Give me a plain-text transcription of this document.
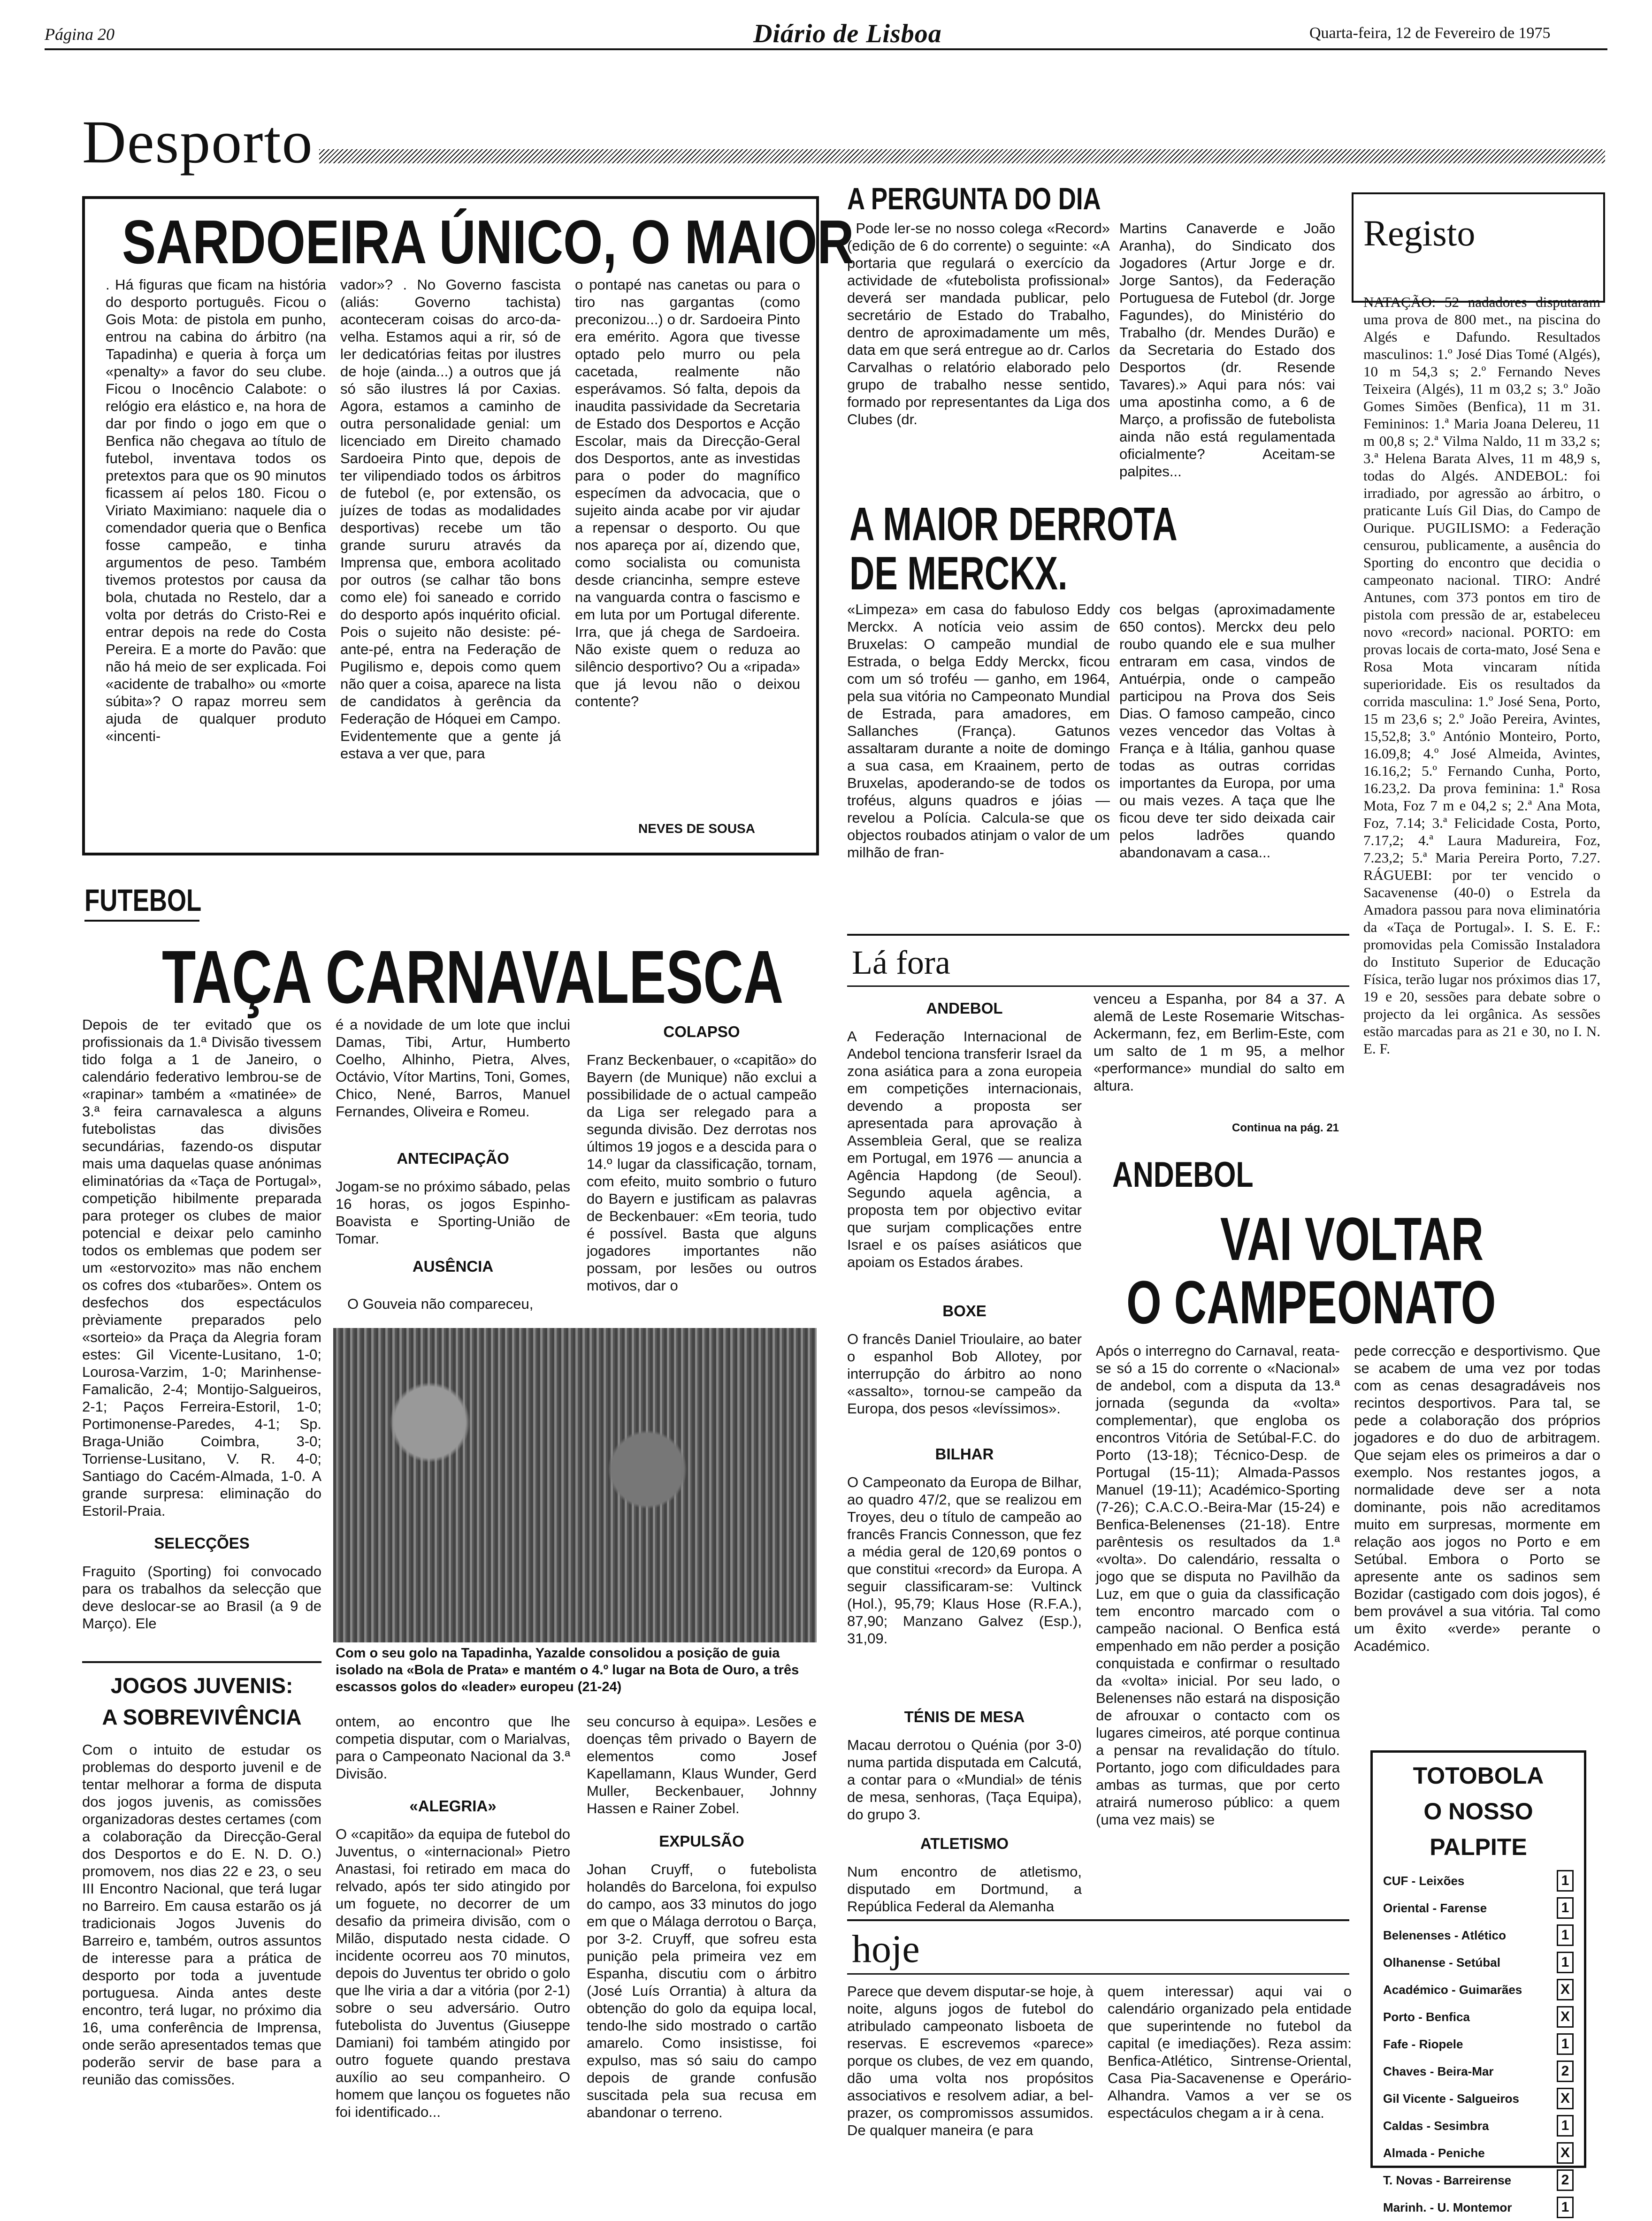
Página 20	Diário de Lisboa	Quarta-feira, 12 de Fevereiro de 1975
Desporto
SARDOEIRA ÚNICO, O MAIOR
. Há figuras que ficam na história do desporto português. Ficou o Gois Mota: de pistola em punho, entrou na cabina do árbitro (na Tapadinha) e queria à força um «penalty» a favor do seu clube. Ficou o Inocêncio Calabote: o relógio era elástico e, na hora de dar por findo o jogo em que o Benfica não chegava ao título de futebol, inventava todos os pretextos para que os 90 minutos ficassem aí pelos 180. Ficou o Viriato Maximiano: naquele dia o comendador queria que o Benfica fosse campeão, e tinha argumentos de peso. Também tivemos protestos por causa da bola, chutada no Restelo, dar a volta por detrás do Cristo-Rei e entrar depois na rede do Costa Pereira. E a morte do Pavão: que não há meio de ser explicada. Foi «acidente de trabalho» ou «morte súbita»? O rapaz morreu sem ajuda de qualquer produto «incenti-
vador»? . No Governo fascista (aliás: Governo tachista) aconteceram coisas do arco-da-velha. Estamos aqui a rir, só de ler dedicatórias feitas por ilustres de hoje (ainda...) a outros que já só são ilustres lá por Caxias. Agora, estamos a caminho de outra personalidade genial: um licenciado em Direito chamado Sardoeira Pinto que, depois de ter vilipendiado todos os árbitros de futebol (e, por extensão, os juízes de todas as modalidades desportivas) recebe um tão grande sururu através da Imprensa que, embora acolitado por outros (se calhar tão bons como ele) foi saneado e corrido do desporto após inquérito oficial. Pois o sujeito não desiste: pé-ante-pé, entra na Federação de Pugilismo e, depois como quem não quer a coisa, aparece na lista de candidatos à gerência da Federação de Hóquei em Campo. Evidentemente que a gente já estava a ver que, para
o pontapé nas canetas ou para o tiro nas gargantas (como preconizou...) o dr. Sardoeira Pinto era emérito. Agora que tivesse optado pelo murro ou pela cacetada, realmente não esperávamos. Só falta, depois da inaudita passividade da Secretaria de Estado dos Desportos e Acção Escolar, mais da Direcção-Geral dos Desportos, ante as investidas para o poder do magnífico especímen da advocacia, que o sujeito ainda acabe por vir ajudar a repensar o desporto. Ou que nos apareça por aí, dizendo que, como socialista ou comunista desde criancinha, sempre esteve na vanguarda contra o fascismo e em luta por um Portugal diferente. Irra, que já chega de Sardoeira. Não existe quem o reduza ao silêncio desportivo? Ou a «ripada» que já levou não o deixou contente?
NEVES DE SOUSA
A PERGUNTA DO DIA
. Pode ler-se no nosso colega «Record» (edição de 6 do corrente) o seguinte: «A portaria que regulará o exercício da actividade de «futebolista profissional» deverá ser mandada publicar, pelo secretário de Estado do Trabalho, dentro de aproximadamente um mês, data em que será entregue ao dr. Carlos Carvalhas o relatório elaborado pelo grupo de trabalho nesse sentido, formado por representantes da Liga dos Clubes (dr.
Martins Canaverde e João Aranha), do Sindicato dos Jogadores (Artur Jorge e dr. Jorge Santos), da Federação Portuguesa de Futebol (dr. Jorge Fagundes), do Ministério do Trabalho (dr. Mendes Durão) e da Secretaria do Estado dos Desportos (dr. Resende Tavares).» Aqui para nós: vai uma apostinha como, a 6 de Março, a profissão de futebolista ainda não está regulamentada oficialmente? Aceitam-se palpites...
A MAIOR DERROTA
DE MERCKX.
«Limpeza» em casa do fabuloso Eddy Merckx. A notícia veio assim de Bruxelas: O campeão mundial de Estrada, o belga Eddy Merckx, ficou com um só troféu — ganho, em 1964, pela sua vitória no Campeonato Mundial de Estrada, para amadores, em Sallanches (França). Gatunos assaltaram durante a noite de domingo a sua casa, em Kraainem, perto de Bruxelas, apoderando-se de todos os troféus, alguns quadros e jóias — revelou a Polícia. Calcula-se que os objectos roubados atinjam o valor de um milhão de fran-
cos belgas (aproximadamente 650 contos). Merckx deu pelo roubo quando ele e sua mulher entraram em casa, vindos de Antuérpia, onde o campeão participou na Prova dos Seis Dias. O famoso campeão, cinco vezes vencedor das Voltas à França e à Itália, ganhou quase todas as outras corridas importantes da Europa, por uma ou mais vezes. A taça que lhe ficou deve ter sido deixada cair pelos ladrões quando abandonavam a casa...
Registo
NATAÇÃO: 52 nadadores disputaram uma prova de 800 met., na piscina do Algés e Dafundo. Resultados masculinos: 1.º José Dias Tomé (Algés), 10 m 54,3 s; 2.º Fernando Neves Teixeira (Algés), 11 m 03,2 s; 3.º João Gomes Simões (Benfica), 11 m 31. Femininos: 1.ª Maria Joana Delereu, 11 m 00,8 s; 2.ª Vilma Naldo, 11 m 33,2 s; 3.ª Helena Barata Alves, 11 m 48,9 s, todas do Algés. ANDEBOL: foi irradiado, por agressão ao árbitro, o praticante Luís Gil Dias, do Campo de Ourique. PUGILISMO: a Federação censurou, publicamente, a ausência do Sporting do encontro que decidia o campeonato nacional. TIRO: André Antunes, com 373 pontos em tiro de pistola com pressão de ar, estabeleceu novo «record» nacional. PORTO: em provas locais de corta-mato, José Sena e Rosa Mota vincaram nítida superioridade. Eis os resultados da corrida masculina: 1.º José Sena, Porto, 15 m 23,6 s; 2.º João Pereira, Avintes, 15,52,8; 3.º António Monteiro, Porto, 16.09,8; 4.º José Almeida, Avintes, 16.16,2; 5.º Fernando Cunha, Porto, 16.23,2. Da prova feminina: 1.ª Rosa Mota, Foz 7 m e 04,2 s; 2.ª Ana Mota, Foz, 7.14; 3.ª Felicidade Costa, Porto, 7.17,2; 4.ª Laura Madureira, Foz, 7.23,2; 5.ª Maria Pereira Porto, 7.27. RÁGUEBI: por ter vencido o Sacavenense (40-0) o Estrela da Amadora passou para nova eliminatória da «Taça de Portugal». I. S. E. F.: promovidas pela Comissão Instaladora do Instituto Superior de Educação Física, terão lugar nos próximos dias 17, 19 e 20, sessões para debate sobre o projecto da lei orgânica. As sessões estão marcadas para as 21 e 30, no I. N. E. F.
FUTEBOL
TAÇA CARNAVALESCA
Depois de ter evitado que os profissionais da 1.ª Divisão tivessem tido folga a 1 de Janeiro, o calendário federativo lembrou-se de «rapinar» também a «matinée» de 3.ª feira carnavalesca a alguns futebolistas das divisões secundárias, fazendo-os disputar mais uma daquelas quase anónimas eliminatórias da «Taça de Portugal», competição hibilmente preparada para proteger os clubes de maior potencial e deixar pelo caminho todos os emblemas que podem ser um «estorvozito» mas não enchem os cofres dos «tubarões». Ontem os desfechos dos espectáculos prèviamente preparados pelo «sorteio» da Praça da Alegria foram estes: Gil Vicente-Lusitano, 1-0; Lourosa-Varzim, 1-0; Marinhense-Famalicão, 2-4; Montijo-Salgueiros, 2-1; Paços Ferreira-Estoril, 1-0; Portimonense-Paredes, 4-1; Sp. Braga-União Coimbra, 3-0; Torriense-Lusitano, V. R. 4-0; Santiago do Cacém-Almada, 1-0. A grande surpresa: eliminação do Estoril-Praia.
SELECÇÕES
Fraguito (Sporting) foi convocado para os trabalhos da selecção que deve deslocar-se ao Brasil (a 9 de Março). Ele
é a novidade de um lote que inclui Damas, Tibi, Artur, Humberto Coelho, Alhinho, Pietra, Alves, Octávio, Vítor Martins, Toni, Gomes, Chico, Nené, Barros, Manuel Fernandes, Oliveira e Romeu.
ANTECIPAÇÃO
Jogam-se no próximo sábado, pelas 16 horas, os jogos Espinho-Boavista e Sporting-União de Tomar.
AUSÊNCIA
O Gouveia não compareceu,
COLAPSO
Franz Beckenbauer, o «capitão» do Bayern (de Munique) não exclui a possibilidade de o actual campeão da Liga ser relegado para a segunda divisão. Dez derrotas nos últimos 19 jogos e a descida para o 14.º lugar da classificação, tornam, com efeito, muito sombrio o futuro do Bayern e justificam as palavras de Beckenbauer: «Em teoria, tudo é possível. Basta que alguns jogadores importantes não possam, por lesões ou outros motivos, dar o
Com o seu golo na Tapadinha, Yazalde consolidou a posição de guia isolado na «Bola de Prata» e mantém o 4.º lugar na Bota de Ouro, a três escassos golos do «leader» europeu (21-24)
JOGOS JUVENIS:
A SOBREVIVÊNCIA
Com o intuito de estudar os problemas do desporto juvenil e de tentar melhorar a forma de disputa dos jogos juvenis, as comissões organizadoras destes certames (com a colaboração da Direcção-Geral dos Desportos e do E. N. D. O.) promovem, nos dias 22 e 23, o seu III Encontro Nacional, que terá lugar no Barreiro. Em causa estarão os já tradicionais Jogos Juvenis do Barreiro e, também, outros assuntos de interesse para a prática de desporto por toda a juventude portuguesa. Ainda antes deste encontro, terá lugar, no próximo dia 16, uma conferência de Imprensa, onde serão apresentados temas que poderão servir de base para a reunião das comissões.
ontem, ao encontro que lhe competia disputar, com o Marialvas, para o Campeonato Nacional da 3.ª Divisão.
«ALEGRIA»
O «capitão» da equipa de futebol do Juventus, o «internacional» Pietro Anastasi, foi retirado em maca do relvado, após ter sido atingido por um foguete, no decorrer de um desafio da primeira divisão, com o Milão, disputado nesta cidade. O incidente ocorreu aos 70 minutos, depois do Juventus ter obrido o golo que lhe viria a dar a vitória (por 2-1) sobre o seu adversário. Outro futebolista do Juventus (Giuseppe Damiani) foi também atingido por outro foguete quando prestava auxílio ao seu companheiro. O homem que lançou os foguetes não foi identificado...
seu concurso à equipa». Lesões e doenças têm privado o Bayern de elementos como Josef Kapellamann, Klaus Wunder, Gerd Muller, Beckenbauer, Johnny Hassen e Rainer Zobel.
EXPULSÃO
Johan Cruyff, o futebolista holandês do Barcelona, foi expulso do campo, aos 33 minutos do jogo em que o Málaga derrotou o Barça, por 3-2. Cruyff, que sofreu esta punição pela primeira vez em Espanha, discutiu com o árbitro (José Luís Orrantia) à altura da obtenção do golo da equipa local, tendo-lhe sido mostrado o cartão amarelo. Como insistisse, foi expulso, mas só saiu do campo depois de grande confusão suscitada pela sua recusa em abandonar o terreno.
Lá fora
ANDEBOL
A Federação Internacional de Andebol tenciona transferir Israel da zona asiática para a zona europeia em competições internacionais, devendo a proposta ser apresentada para aprovação à Assembleia Geral, que se realiza em Portugal, em 1976 — anuncia a Agência Hapdong (de Seoul). Segundo aquela agência, a proposta tem por objectivo evitar que surjam complicações entre Israel e os países asiáticos que apoiam os Estados árabes.
venceu a Espanha, por 84 a 37. A alemã de Leste Rosemarie Witschas-Ackermann, fez, em Berlim-Este, com um salto de 1 m 95, a melhor «performance» mundial do salto em altura.
Continua na pág. 21
BOXE
O francês Daniel Trioulaire, ao bater o espanhol Bob Allotey, por interrupção do árbitro ao nono «assalto», tornou-se campeão da Europa, dos pesos «levíssimos».
BILHAR
O Campeonato da Europa de Bilhar, ao quadro 47/2, que se realizou em Troyes, deu o título de campeão ao francês Francis Connesson, que fez a média geral de 120,69 pontos o que constitui «record» da Europa. A seguir classificaram-se: Vultinck (Hol.), 95,79; Klaus Hose (R.F.A.), 87,90; Manzano Galvez (Esp.), 31,09.
TÉNIS DE MESA
Macau derrotou o Quénia (por 3-0) numa partida disputada em Calcutá, a contar para o «Mundial» de ténis de mesa, senhoras, (Taça Equipa), do grupo 3.
ATLETISMO
Num encontro de atletismo, disputado em Dortmund, a República Federal da Alemanha
ANDEBOL
VAI VOLTAR
O CAMPEONATO
Após o interregno do Carnaval, reata-se só a 15 do corrente o «Nacional» de andebol, com a disputa da 13.ª jornada (segunda da «volta» complementar), que engloba os encontros Vitória de Setúbal-F.C. do Porto (13-18); Técnico-Desp. de Portugal (15-11); Almada-Passos Manuel (19-11); Académico-Sporting (7-26); C.A.C.O.-Beira-Mar (15-24) e Benfica-Belenenses (21-18). Entre parêntesis os resultados da 1.ª «volta». Do calendário, ressalta o jogo que se disputa no Pavilhão da Luz, em que o guia da classificação tem encontro marcado com o campeão nacional. O Benfica está empenhado em não perder a posição conquistada e confirmar o resultado da «volta» inicial. Por seu lado, o Belenenses não estará na disposição de afrouxar o contacto com os lugares cimeiros, até porque continua a pensar na revalidação do título. Portanto, jogo com dificuldades para ambas as turmas, que por certo atrairá numeroso público: a quem (uma vez mais) se
pede correcção e desportivismo. Que se acabem de uma vez por todas com as cenas desagradáveis nos recintos desportivos. Para tal, se pede a colaboração dos próprios jogadores e do duo de arbitragem. Que sejam eles os primeiros a dar o exemplo. Nos restantes jogos, a normalidade deve ser a nota dominante, pois não acreditamos muito em surpresas, mormente em relação aos jogos no Porto e em Setúbal. Embora o Porto se apresente ante os sadinos sem Bozidar (castigado com dois jogos), é bem provável a sua vitória. Tal como um êxito «verde» perante o Académico.
TOTOBOLA
O NOSSO
PALPITE
CUF - Leixões	1
Oriental - Farense	1
Belenenses - Atlético	1
Olhanense - Setúbal	1
Académico - Guimarães	X
Porto - Benfica	X
Fafe - Riopele	1
Chaves - Beira-Mar	2
Gil Vicente - Salgueiros	X
Caldas - Sesimbra	1
Almada - Peniche	X
T. Novas - Barreirense	2
Marinh. - U. Montemor	1
hoje
Parece que devem disputar-se hoje, à noite, alguns jogos de futebol do atribulado campeonato lisboeta de reservas. E escrevemos «parece» porque os clubes, de vez em quando, dão uma volta nos propósitos associativos e resolvem adiar, a bel-prazer, os compromissos assumidos. De qualquer maneira (e para
quem interessar) aqui vai o calendário organizado pela entidade que superintende no futebol da capital (e imediações). Reza assim: Benfica-Atlético, Sintrense-Oriental, Casa Pia-Sacavenense e Operário-Alhandra. Vamos a ver se os espectáculos chegam a ir à cena.
